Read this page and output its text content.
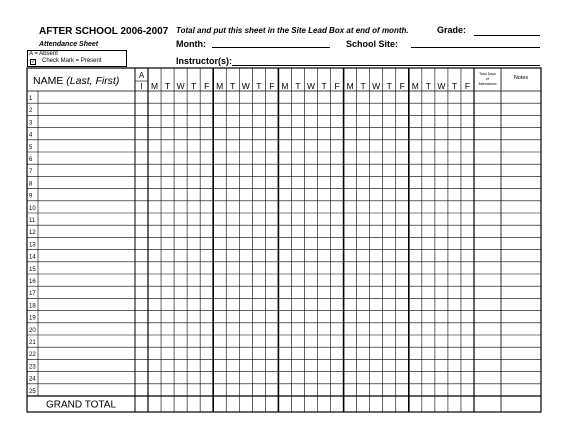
AFTER SCHOOL 2006-2007
Attendance Sheet
Total and put this sheet in the Site Lead Box at end of month.	Grade:
Month:	School Site:
Instructor(s):
A = Absent
✓ Check Mark = Present
NAME (Last, First) A
I M T W T F M T W T F M T W T F M T W T F M T W T F
Total Days
of
Attendance
Notes
1
2
3
4
5
6
7
8
9
10
11
12
13
14
15
16
17
18
19
20
21
22
23
24
25
GRAND TOTAL
